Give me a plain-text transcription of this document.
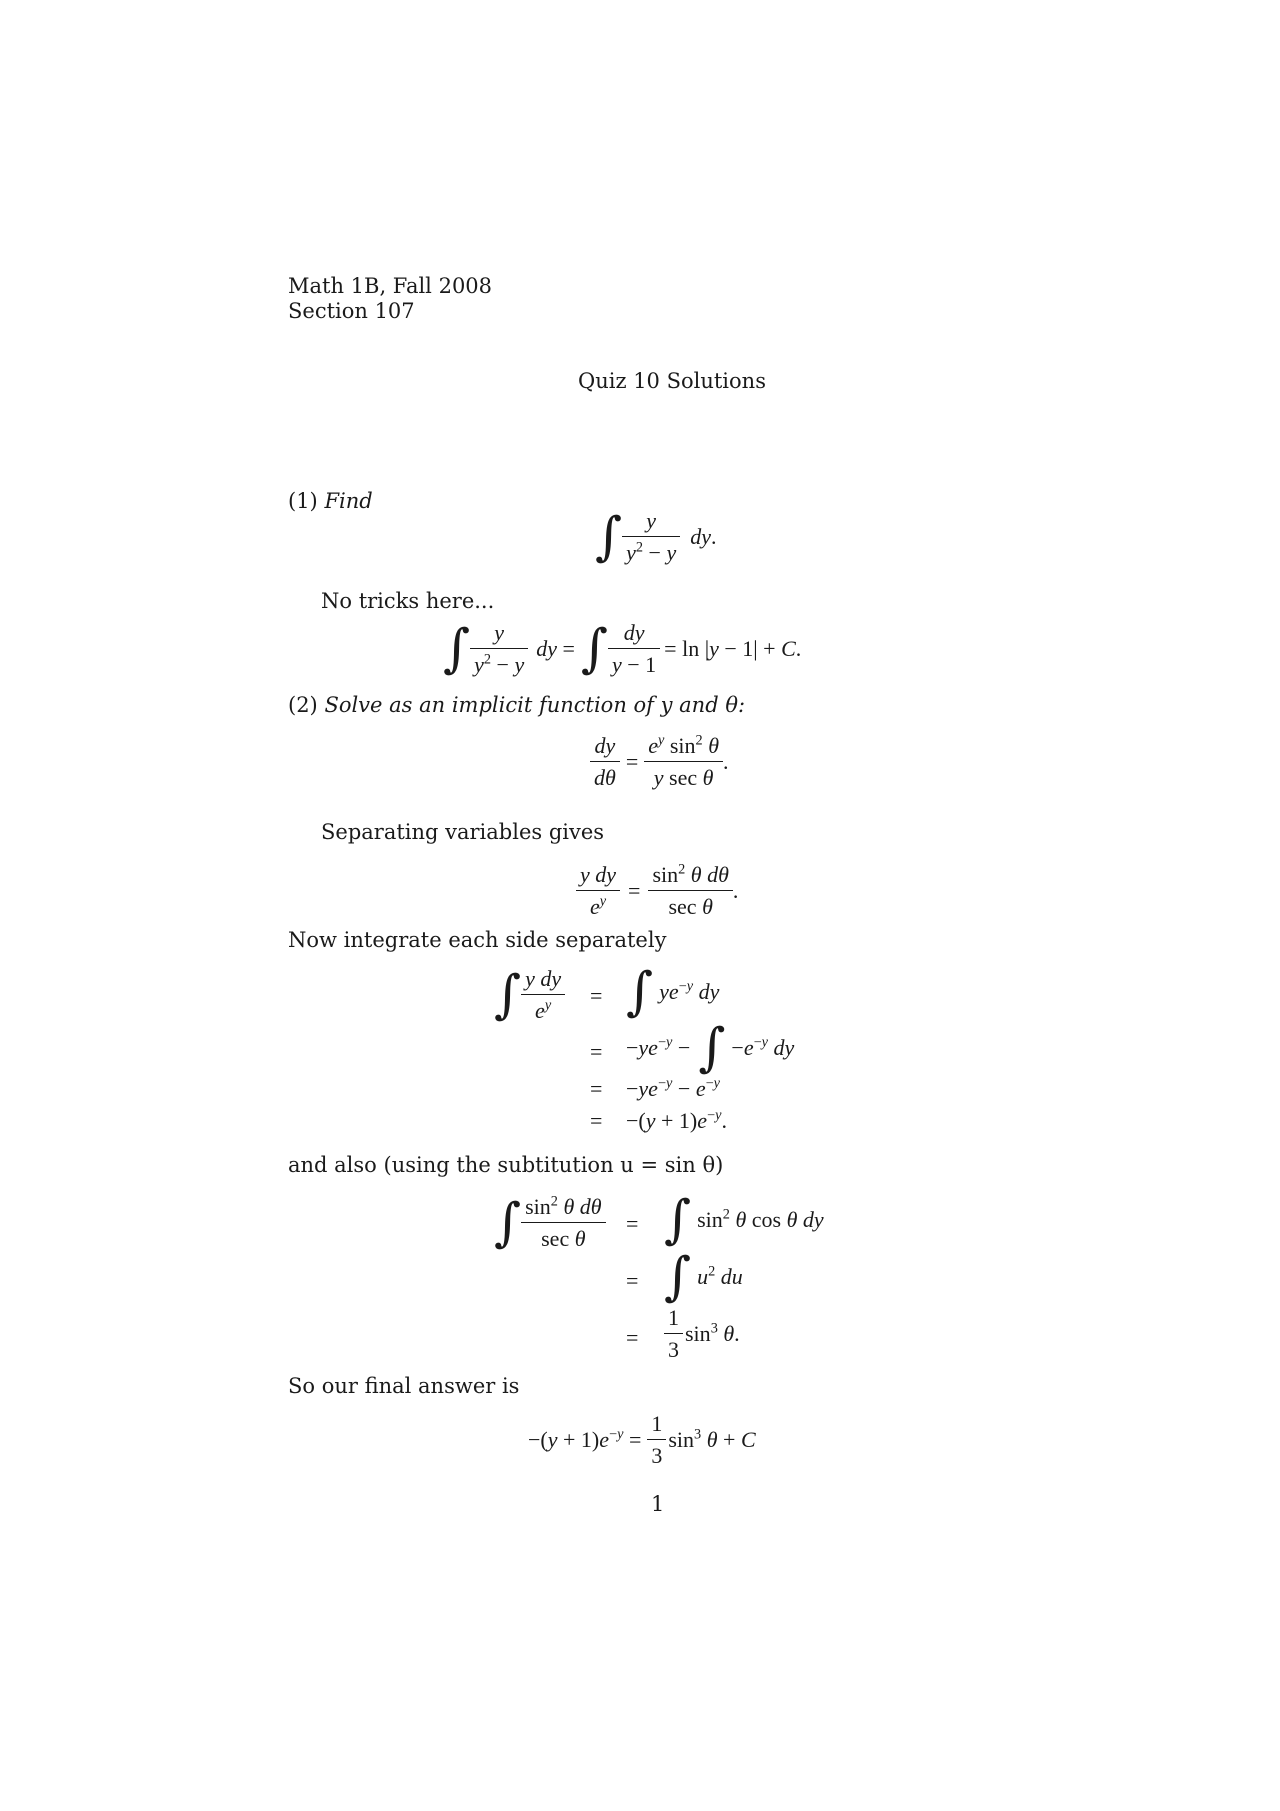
Math 1B, Fall 2008
Section 107
Quiz 10 Solutions
(1) Find
∫ $\frac{y}{y^2 - y}$ dy.
No tricks here...
∫ $\frac{y}{y^2 - y}$ dy = ∫ $\frac{dy}{y - 1} = \ln |y - 1| + C$.
(2) Solve as an implicit function of y and θ:
$\frac{dy}{d\theta} = \frac{e^y \sin^2 \theta}{\text{y sec θ}}$ .
Separating variables gives
$\frac{\text{y dy}}{e^y} = \frac{\sin^2 \theta d\theta}{\text{sec θ}}$ .
Now integrate each side separately
∫ $\frac{\text{y dy}}{e^y}$ = ∫ $ye^{-y}$ dy
= $-ye^{-y}$ − ∫ $-e^{-y}$ dy
= $-ye^{-y} - e^{-y}$
= $-(y + 1)e^{-y}$.
and also (using the subtitution u = sin θ)
∫ $\frac{\sin^2 \theta d\theta}{\text{sec θ}}$ = ∫ $\sin^2 \theta$ cos θ dy
= ∫ $u^2$ du
= $\frac{1}{3} \sin^3 \theta$.
So our final answer is
$-(y + 1)e^{-y} = \frac{1}{3} \sin^3 \theta + C$
1
